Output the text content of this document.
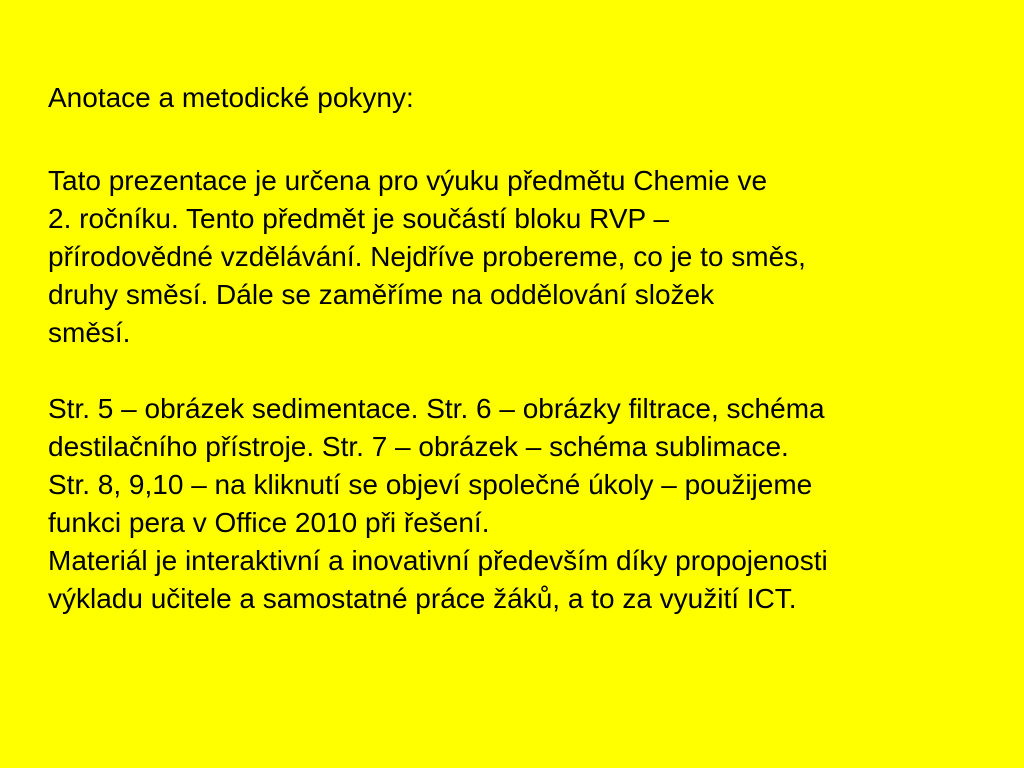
Anotace a metodické pokyny:
Tato prezentace je určena pro výuku předmětu Chemie ve
2. ročníku. Tento předmět je součástí bloku RVP –
přírodovědné vzdělávání. Nejdříve probereme, co je to směs,
druhy směsí. Dále se zaměříme na oddělování složek
směsí.
Str. 5 – obrázek sedimentace. Str. 6 – obrázky filtrace, schéma
destilačního přístroje. Str. 7 – obrázek – schéma sublimace.
Str. 8, 9,10 – na kliknutí se objeví společné úkoly – použijeme
funkci pera v Office 2010 při řešení.
Materiál je interaktivní a inovativní především díky propojenosti
výkladu učitele a samostatné práce žáků, a to za využití ICT.
